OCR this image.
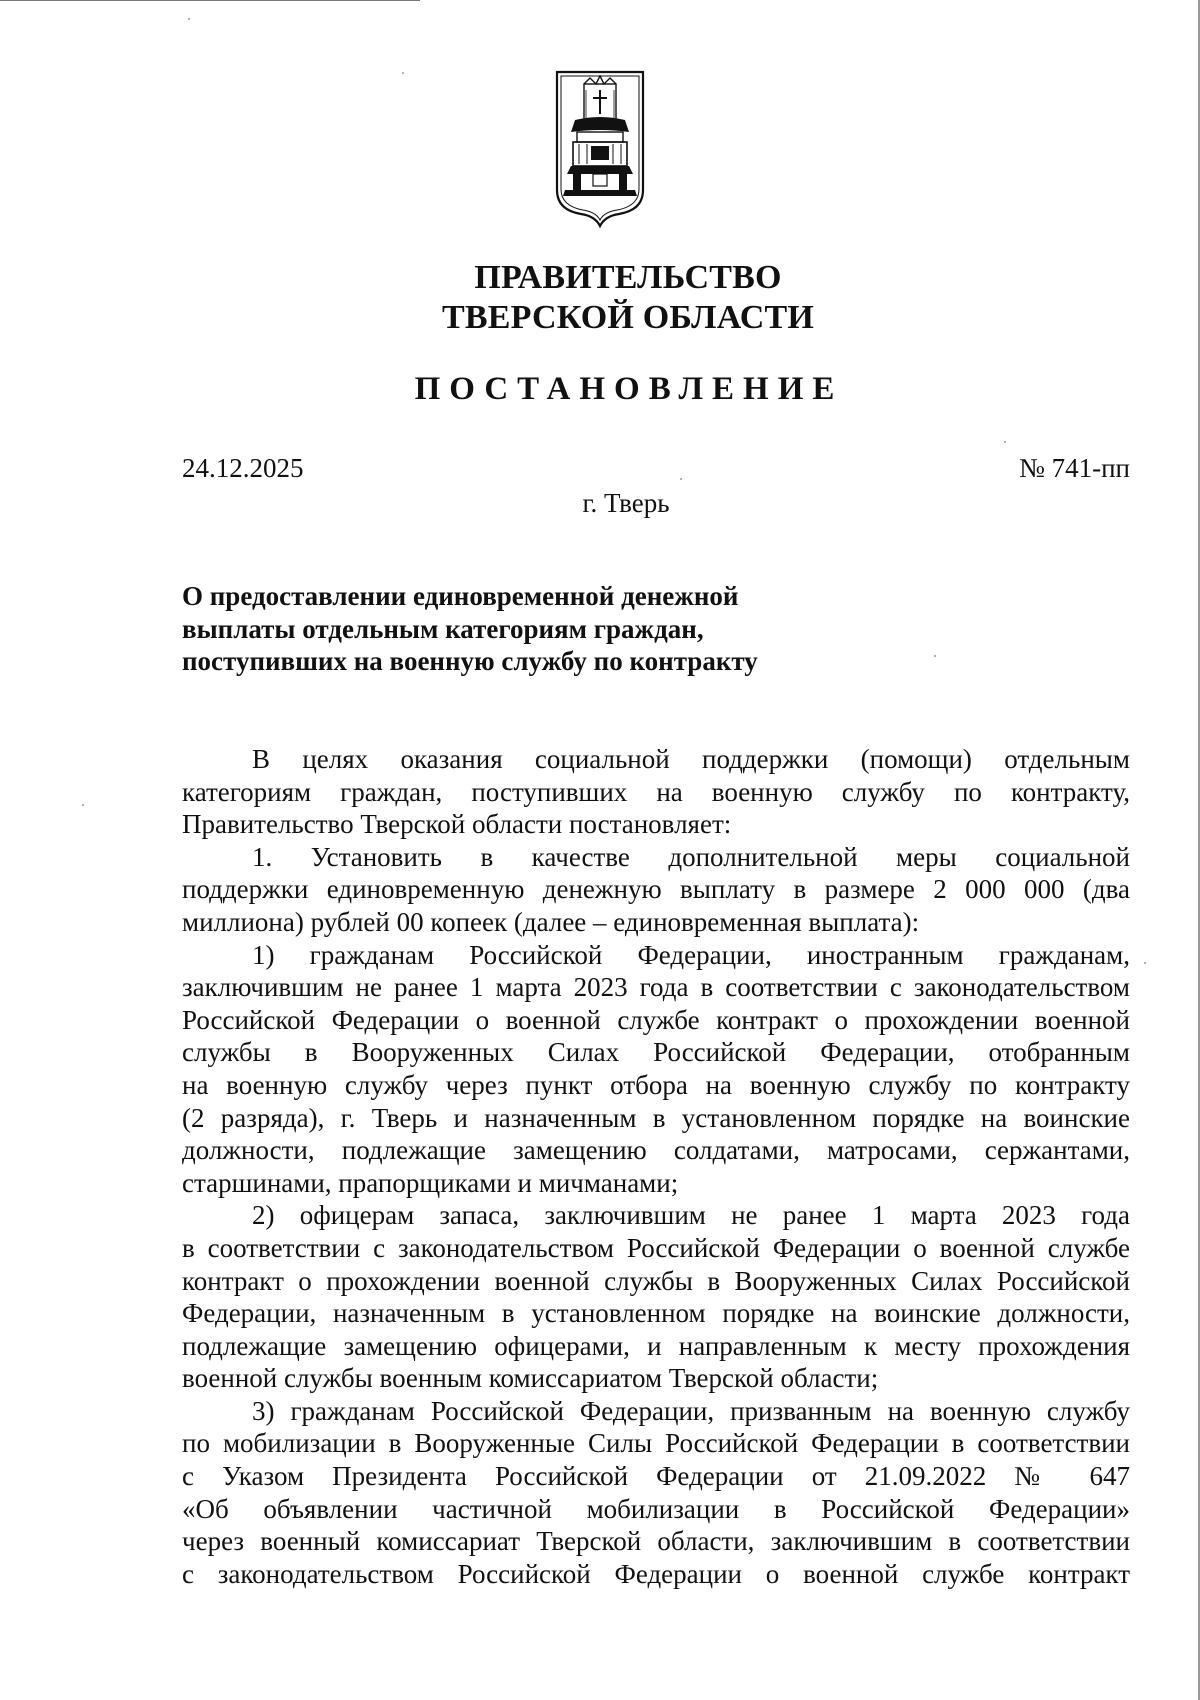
ПРАВИТЕЛЬСТВО
ТВЕРСКОЙ ОБЛАСТИ
ПОСТАНОВЛЕНИЕ
24.12.2025	№ 741-пп
г. Тверь
О предоставлении единовременной денежной
выплаты отдельным категориям граждан,
поступивших на военную службу по контракту
В целях оказания социальной поддержки (помощи) отдельным
категориям граждан, поступивших на военную службу по контракту,
Правительство Тверской области постановляет:
1. Установить в качестве дополнительной меры социальной
поддержки единовременную денежную выплату в размере 2 000 000 (два
миллиона) рублей 00 копеек (далее – единовременная выплата):
1) гражданам Российской Федерации, иностранным гражданам,
заключившим не ранее 1 марта 2023 года в соответствии с законодательством
Российской Федерации о военной службе контракт о прохождении военной
службы в Вооруженных Силах Российской Федерации, отобранным
на военную службу через пункт отбора на военную службу по контракту
(2 разряда), г. Тверь и назначенным в установленном порядке на воинские
должности, подлежащие замещению солдатами, матросами, сержантами,
старшинами, прапорщиками и мичманами;
2) офицерам запаса, заключившим не ранее 1 марта 2023 года
в соответствии с законодательством Российской Федерации о военной службе
контракт о прохождении военной службы в Вооруженных Силах Российской
Федерации, назначенным в установленном порядке на воинские должности,
подлежащие замещению офицерами, и направленным к месту прохождения
военной службы военным комиссариатом Тверской области;
3) гражданам Российской Федерации, призванным на военную службу
по мобилизации в Вооруженные Силы Российской Федерации в соответствии
с Указом Президента Российской Федерации от 21.09.2022 № 647
«Об объявлении частичной мобилизации в Российской Федерации»
через военный комиссариат Тверской области, заключившим в соответствии
с законодательством Российской Федерации о военной службе контракт
